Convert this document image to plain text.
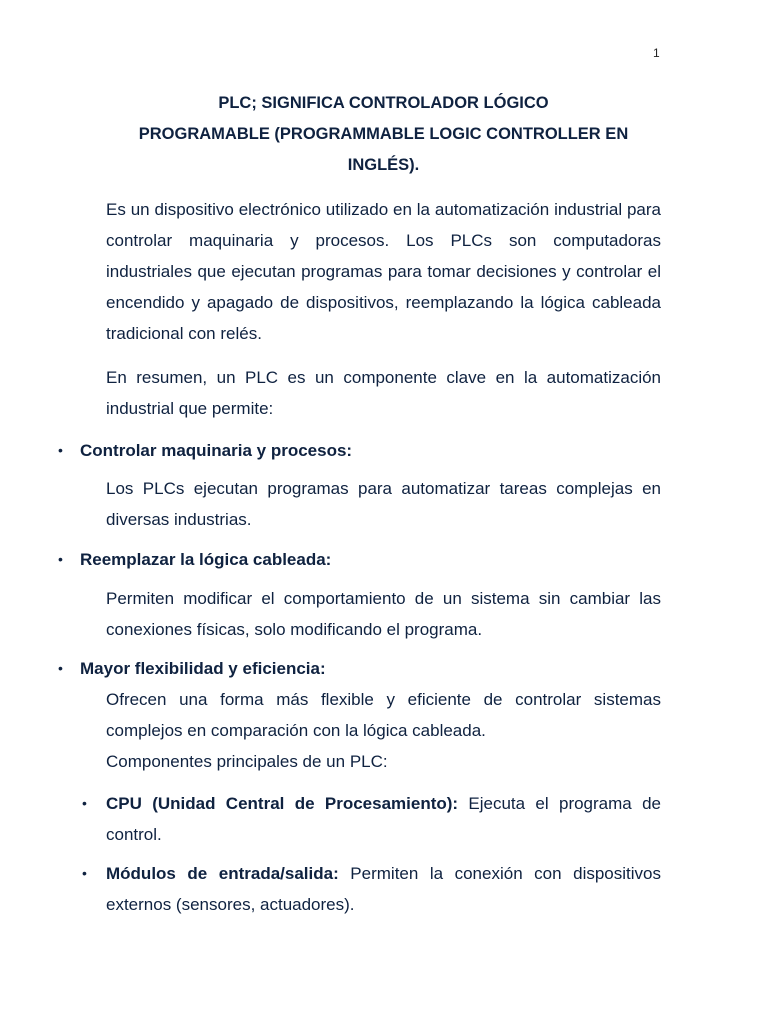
1
PLC; SIGNIFICA CONTROLADOR LÓGICO
PROGRAMABLE (PROGRAMMABLE LOGIC CONTROLLER EN
INGLÉS).
Es un dispositivo electrónico utilizado en la automatización industrial para controlar maquinaria y procesos. Los PLCs son computadoras industriales que ejecutan programas para tomar decisiones y controlar el encendido y apagado de dispositivos, reemplazando la lógica cableada tradicional con relés.
En resumen, un PLC es un componente clave en la automatización industrial que permite:
• Controlar maquinaria y procesos:
Los PLCs ejecutan programas para automatizar tareas complejas en diversas industrias.
• Reemplazar la lógica cableada:
Permiten modificar el comportamiento de un sistema sin cambiar las conexiones físicas, solo modificando el programa.
• Mayor flexibilidad y eficiencia:
Ofrecen una forma más flexible y eficiente de controlar sistemas complejos en comparación con la lógica cableada.
Componentes principales de un PLC:
• CPU (Unidad Central de Procesamiento): Ejecuta el programa de control.
• Módulos de entrada/salida: Permiten la conexión con dispositivos externos (sensores, actuadores).
